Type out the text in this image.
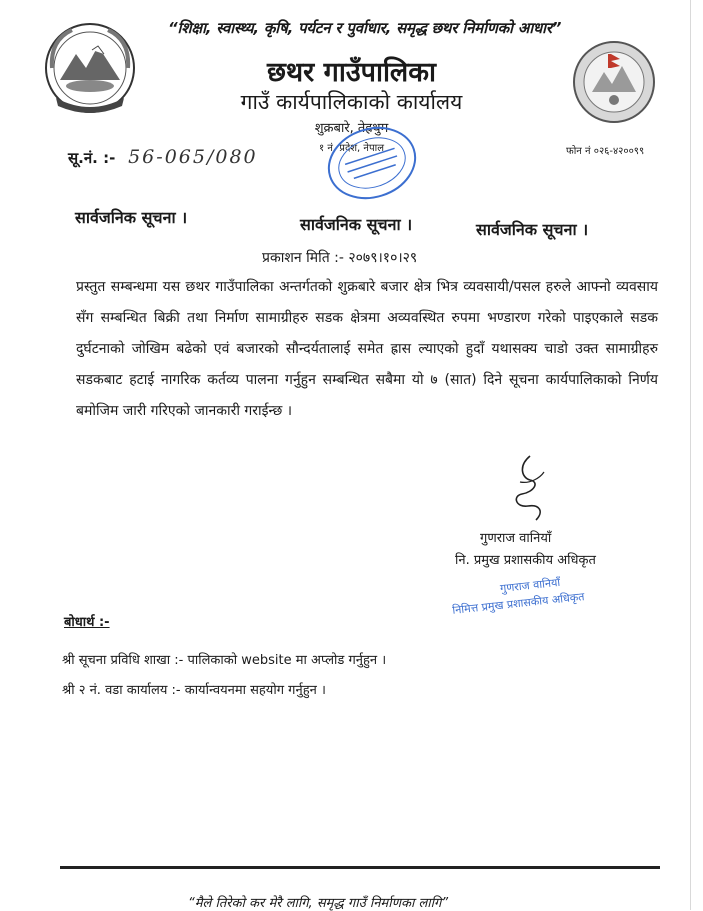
“शिक्षा, स्वास्थ्य, कृषि, पर्यटन र पुर्वाधार, समृद्ध छथर निर्माणको आधार”
छथर गाउँपालिका
गाउँ कार्यपालिकाको कार्यालय
शुक्रबारे, तेह्रथुम
१ नं. प्रदेश, नेपाल	फोन नं ०२६-४२००९९
सू.नं. :- 56-065/080
सार्वजनिक सूचना ।	सार्वजनिक सूचना ।	सार्वजनिक सूचना ।
प्रकाशन मिति :- २०७९।१०।२९
प्रस्तुत सम्बन्धमा यस छथर गाउँपालिका अन्तर्गतको शुक्रबारे बजार क्षेत्र भित्र व्यवसायी/पसल हरुले आफ्नो व्यवसाय सँग सम्बन्धित बिक्री तथा निर्माण सामाग्रीहरु सडक क्षेत्रमा अव्यवस्थित रुपमा भण्डारण गरेको पाइएकाले सडक दुर्घटनाको जोखिम बढेको एवं बजारको सौन्दर्यतालाई समेत ह्रास ल्याएको हुदाँ यथासक्य चाडो उक्त सामाग्रीहरु सडकबाट हटाई नागरिक कर्तव्य पालना गर्नुहुन सम्बन्धित सबैमा यो ७ (सात) दिने सूचना कार्यपालिकाको निर्णय बमोजिम जारी गरिएको जानकारी गराईन्छ ।
गुणराज वानियाँ
नि. प्रमुख प्रशासकीय अधिकृत
गुणराज वानियाँ
निमित्त प्रमुख प्रशासकीय अधिकृत
बोधार्थ :-
श्री सूचना प्रविधि शाखा :- पालिकाको website मा अप्लोड गर्नुहुन ।
श्री २ नं. वडा कार्यालय :- कार्यान्वयनमा सहयोग गर्नुहुन ।
“मैले तिरेको कर मेरै लागि, समृद्ध गाउँ निर्माणका लागि”
